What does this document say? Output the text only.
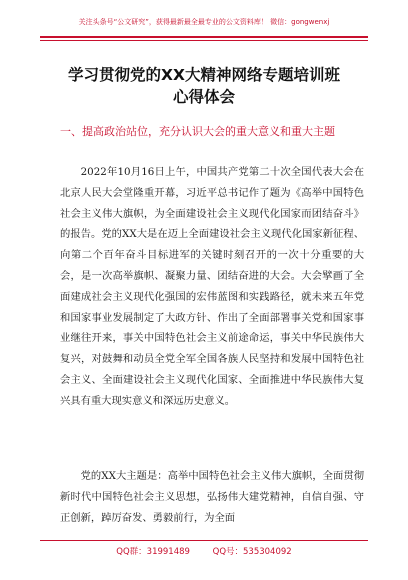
关注头条号“公文研究”，获得最新最全最专业的公文资料库！ 微信：gongwenxj
学习贯彻党的XX大精神网络专题培训班
心得体会
一、提高政治站位，充分认识大会的重大意义和重大主题

2022年10月16日上午，中国共产党第二十次全国代表大会在北京人民大会堂隆重开幕，习近平总书记作了题为《高举中国特色社会主义伟大旗帜，为全面建设社会主义现代化国家而团结奋斗》的报告。党的XX大是在迈上全面建设社会主义现代化国家新征程、向第二个百年奋斗目标进军的关键时刻召开的一次十分重要的大会，是一次高举旗帜、凝聚力量、团结奋进的大会。大会擘画了全面建成社会主义现代化强国的宏伟蓝图和实践路径，就未来五年党和国家事业发展制定了大政方针、作出了全面部署事关党和国家事业继往开来，事关中国特色社会主义前途命运，事关中华民族伟大复兴，对鼓舞和动员全党全军全国各族人民坚持和发展中国特色社会主义、全面建设社会主义现代化国家、全面推进中华民族伟大复兴具有重大现实意义和深远历史意义。

党的XX大主题是：高举中国特色社会主义伟大旗帜，全面贯彻新时代中国特色社会主义思想，弘扬伟大建党精神，自信自强、守正创新，踔厉奋发、勇毅前行，为全面

QQ群：31991489	QQ号：535304092
